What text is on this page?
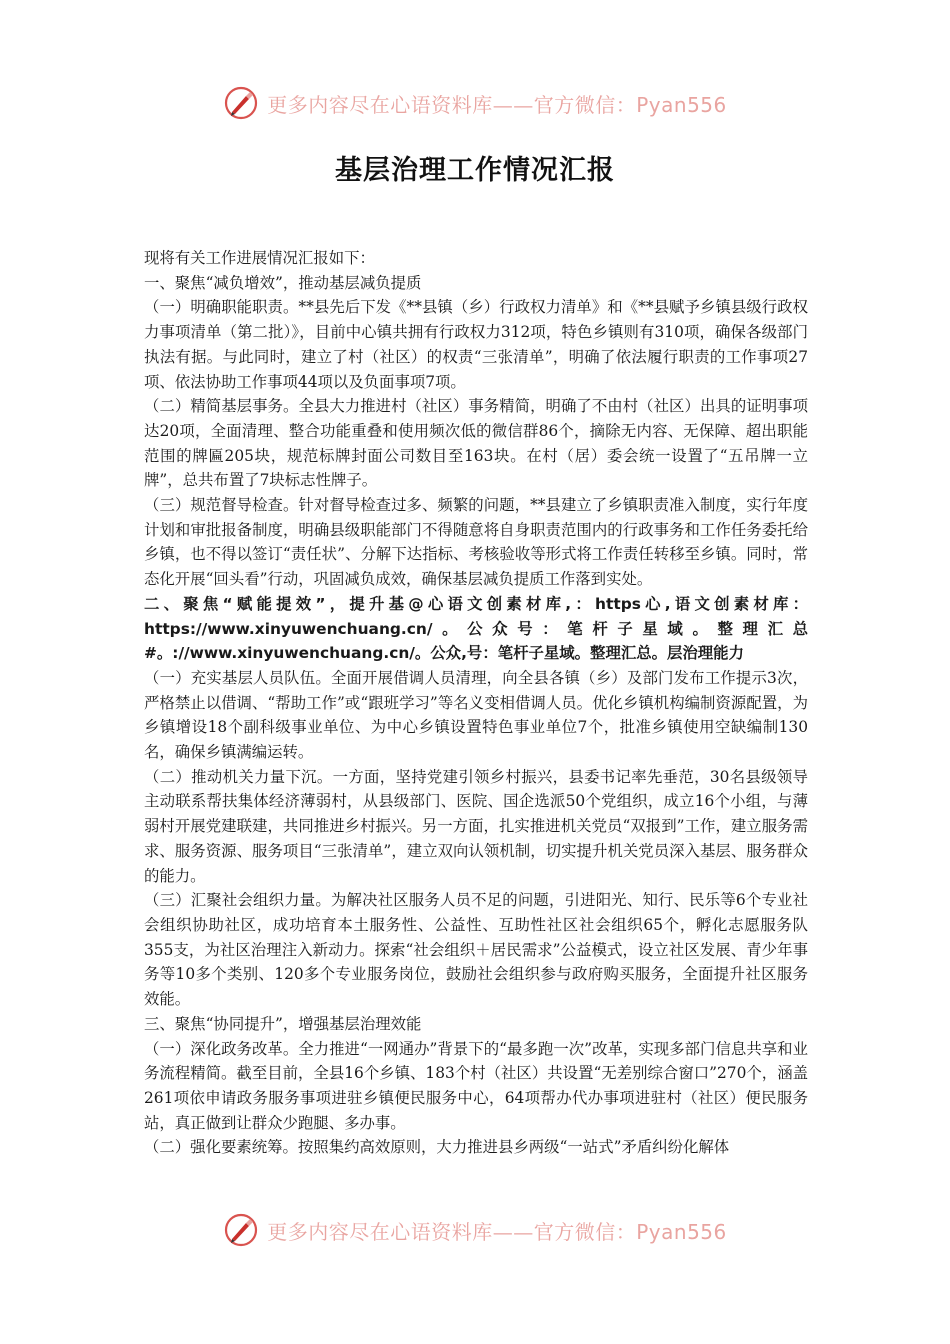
更多内容尽在心语资料库——官方微信：Pyan556
基层治理工作情况汇报

现将有关工作进展情况汇报如下：

一、聚焦“减负增效”，推动基层减负提质

（一）明确职能职责。**县先后下发《**县镇（乡）行政权力清单》和《**县赋予乡镇县级行政权力事项清单（第二批）》，目前中心镇共拥有行政权力312项，特色乡镇则有310项，确保各级部门执法有据。与此同时，建立了村（社区）的权责“三张清单”，明确了依法履行职责的工作事项27项、依法协助工作事项44项以及负面事项7项。

（二）精简基层事务。全县大力推进村（社区）事务精简，明确了不由村（社区）出具的证明事项达20项，全面清理、整合功能重叠和使用频次低的微信群86个，摘除无内容、无保障、超出职能范围的牌匾205块，规范标牌封面公司数目至163块。在村（居）委会统一设置了“五吊牌一立牌”，总共布置了7块标志性牌子。

（三）规范督导检查。针对督导检查过多、频繁的问题，**县建立了乡镇职责准入制度，实行年度计划和审批报备制度，明确县级职能部门不得随意将自身职责范围内的行政事务和工作任务委托给乡镇，也不得以签订“责任状”、分解下达指标、考核验收等形式将工作责任转移至乡镇。同时，常态化开展“回头看”行动，巩固减负成效，确保基层减负提质工作落到实处。

二、聚焦“赋能提效”，提升基@心语文创素材库,：https心,语文创素材库：https://www.xinyuwenchuang.cn/。公众号：笔杆子星域。整理汇总#。://www.xinyuwenchuang.cn/。公众,号：笔杆子星域。整理汇总。层治理能力

（一）充实基层人员队伍。全面开展借调人员清理，向全县各镇（乡）及部门发布工作提示3次，严格禁止以借调、“帮助工作”或“跟班学习”等名义变相借调人员。优化乡镇机构编制资源配置，为乡镇增设18个副科级事业单位、为中心乡镇设置特色事业单位7个，批准乡镇使用空缺编制130名，确保乡镇满编运转。

（二）推动机关力量下沉。一方面，坚持党建引领乡村振兴，县委书记率先垂范，30名县级领导主动联系帮扶集体经济薄弱村，从县级部门、医院、国企选派50个党组织，成立16个小组，与薄弱村开展党建联建，共同推进乡村振兴。另一方面，扎实推进机关党员“双报到”工作，建立服务需求、服务资源、服务项目“三张清单”，建立双向认领机制，切实提升机关党员深入基层、服务群众的能力。

（三）汇聚社会组织力量。为解决社区服务人员不足的问题，引进阳光、知行、民乐等6个专业社会组织协助社区，成功培育本土服务性、公益性、互助性社区社会组织65个，孵化志愿服务队355支，为社区治理注入新动力。探索“社会组织＋居民需求”公益模式，设立社区发展、青少年事务等10多个类别、120多个专业服务岗位，鼓励社会组织参与政府购买服务，全面提升社区服务效能。

三、聚焦“协同提升”，增强基层治理效能

（一）深化政务改革。全力推进“一网通办”背景下的“最多跑一次”改革，实现多部门信息共享和业务流程精简。截至目前，全县16个乡镇、183个村（社区）共设置“无差别综合窗口”270个，涵盖261项依申请政务服务事项进驻乡镇便民服务中心，64项帮办代办事项进驻村（社区）便民服务站，真正做到让群众少跑腿、多办事。

（二）强化要素统筹。按照集约高效原则，大力推进县乡两级“一站式”矛盾纠纷化解体

更多内容尽在心语资料库——官方微信：Pyan556
